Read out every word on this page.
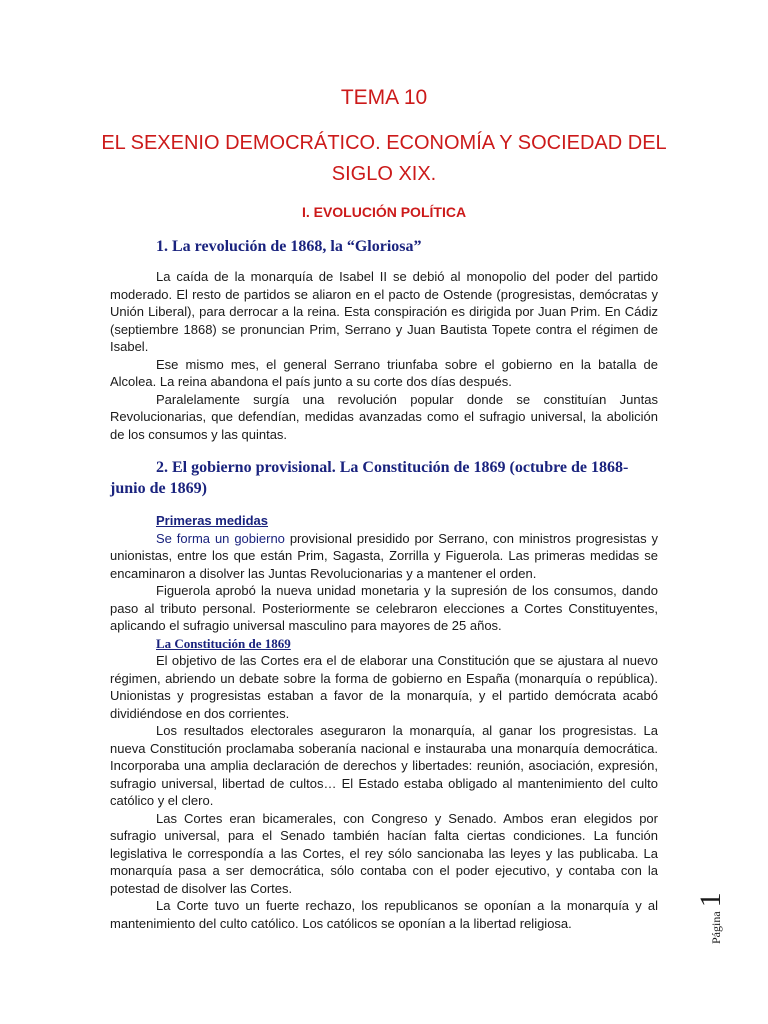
TEMA 10
EL SEXENIO DEMOCRÁTICO. ECONOMÍA Y SOCIEDAD DEL SIGLO XIX.
I. EVOLUCIÓN POLÍTICA
1. La revolución de 1868, la “Gloriosa”

La caída de la monarquía de Isabel II se debió al monopolio del poder del partido moderado. El resto de partidos se aliaron en el pacto de Ostende (progresistas, demócratas y Unión Liberal), para derrocar a la reina. Esta conspiración es dirigida por Juan Prim. En Cádiz (septiembre 1868) se pronuncian Prim, Serrano y Juan Bautista Topete contra el régimen de Isabel.

Ese mismo mes, el general Serrano triunfaba sobre el gobierno en la batalla de Alcolea. La reina abandona el país junto a su corte dos días después.

Paralelamente surgía una revolución popular donde se constituían Juntas Revolucionarias, que defendían, medidas avanzadas como el sufragio universal, la abolición de los consumos y las quintas.

2. El gobierno provisional. La Constitución de 1869 (octubre de 1868-junio de 1869)

Primeras medidas

Se forma un gobierno provisional presidido por Serrano, con ministros progresistas y unionistas, entre los que están Prim, Sagasta, Zorrilla y Figuerola. Las primeras medidas se encaminaron a disolver las Juntas Revolucionarias y a mantener el orden.

Figuerola aprobó la nueva unidad monetaria y la supresión de los consumos, dando paso al tributo personal. Posteriormente se celebraron elecciones a Cortes Constituyentes, aplicando el sufragio universal masculino para mayores de 25 años.

La Constitución de 1869

El objetivo de las Cortes era el de elaborar una Constitución que se ajustara al nuevo régimen, abriendo un debate sobre la forma de gobierno en España (monarquía o república). Unionistas y progresistas estaban a favor de la monarquía, y el partido demócrata acabó dividiéndose en dos corrientes.

Los resultados electorales aseguraron la monarquía, al ganar los progresistas. La nueva Constitución proclamaba soberanía nacional e instauraba una monarquía democrática. Incorporaba una amplia declaración de derechos y libertades: reunión, asociación, expresión, sufragio universal, libertad de cultos… El Estado estaba obligado al mantenimiento del culto católico y el clero.

Las Cortes eran bicamerales, con Congreso y Senado. Ambos eran elegidos por sufragio universal, para el Senado también hacían falta ciertas condiciones. La función legislativa le correspondía a las Cortes, el rey sólo sancionaba las leyes y las publicaba. La monarquía pasa a ser democrática, sólo contaba con el poder ejecutivo, y contaba con la potestad de disolver las Cortes.

La Corte tuvo un fuerte rechazo, los republicanos se oponían a la monarquía y al mantenimiento del culto católico. Los católicos se oponían a la libertad religiosa.	Página 1
